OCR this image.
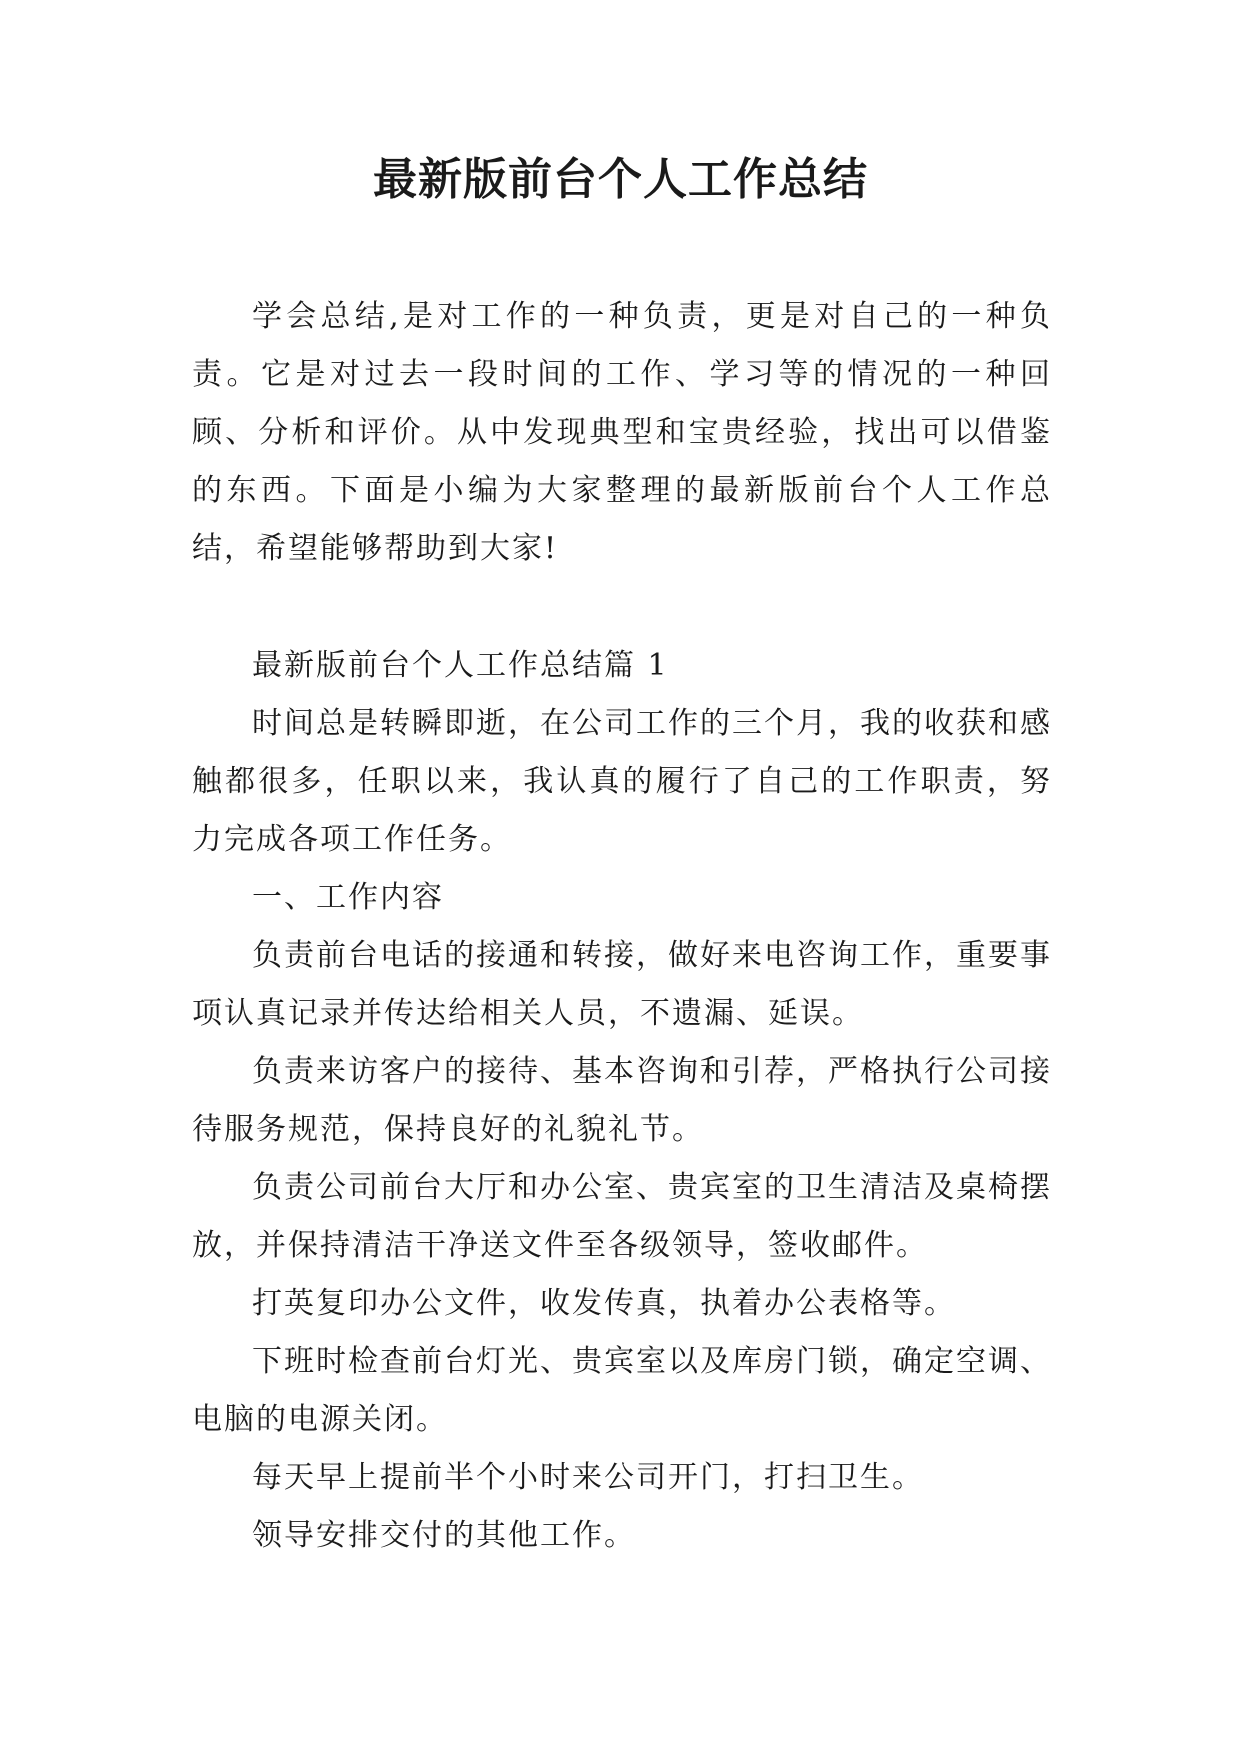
最新版前台个人工作总结

学会总结,是对工作的一种负责，更是对自己的一种负责。它是对过去一段时间的工作、学习等的情况的一种回顾、分析和评价。从中发现典型和宝贵经验，找出可以借鉴的东西。下面是小编为大家整理的最新版前台个人工作总结，希望能够帮助到大家!

最新版前台个人工作总结篇 1

时间总是转瞬即逝，在公司工作的三个月，我的收获和感触都很多，任职以来，我认真的履行了自己的工作职责，努力完成各项工作任务。

一、工作内容

负责前台电话的接通和转接，做好来电咨询工作，重要事项认真记录并传达给相关人员，不遗漏、延误。

负责来访客户的接待、基本咨询和引荐，严格执行公司接待服务规范，保持良好的礼貌礼节。

负责公司前台大厅和办公室、贵宾室的卫生清洁及桌椅摆放，并保持清洁干净送文件至各级领导，签收邮件。

打英复印办公文件，收发传真，执着办公表格等。

下班时检查前台灯光、贵宾室以及库房门锁，确定空调、电脑的电源关闭。

每天早上提前半个小时来公司开门，打扫卫生。

领导安排交付的其他工作。
